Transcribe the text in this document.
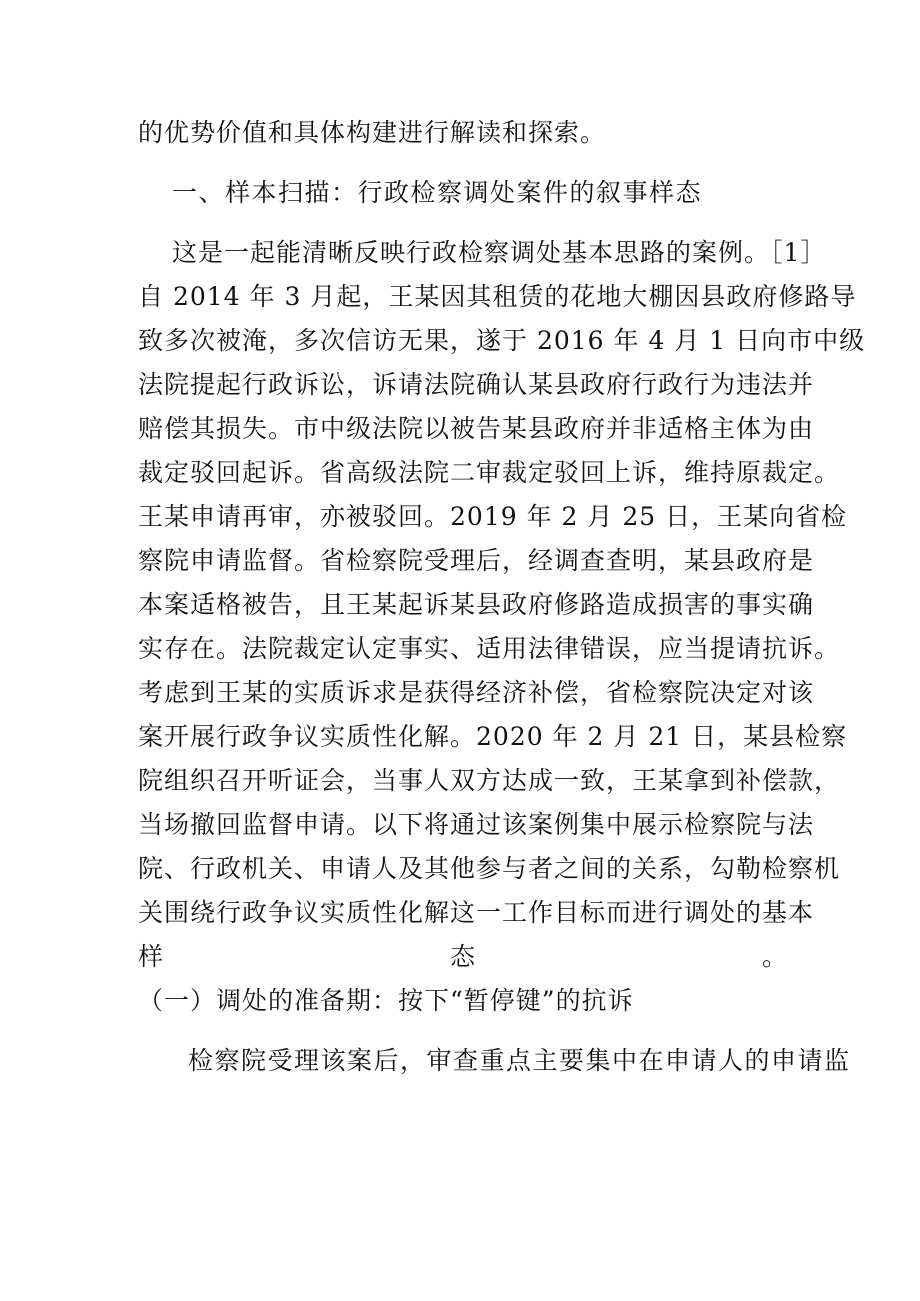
的优势价值和具体构建进行解读和探索。
一、样本扫描：行政检察调处案件的叙事样态
这是一起能清晰反映行政检察调处基本思路的案例。［1］
自 2014 年 3 月起，王某因其租赁的花地大棚因县政府修路导
致多次被淹，多次信访无果，遂于 2016 年 4 月 1 日向市中级
法院提起行政诉讼，诉请法院确认某县政府行政行为违法并
赔偿其损失。市中级法院以被告某县政府并非适格主体为由
裁定驳回起诉。省高级法院二审裁定驳回上诉，维持原裁定。
王某申请再审，亦被驳回。2019 年 2 月 25 日，王某向省检
察院申请监督。省检察院受理后，经调查查明，某县政府是
本案适格被告，且王某起诉某县政府修路造成损害的事实确
实存在。法院裁定认定事实、适用法律错误，应当提请抗诉。
考虑到王某的实质诉求是获得经济补偿，省检察院决定对该
案开展行政争议实质性化解。2020 年 2 月 21 日，某县检察
院组织召开听证会，当事人双方达成一致，王某拿到补偿款，
当场撤回监督申请。以下将通过该案例集中展示检察院与法
院、行政机关、申请人及其他参与者之间的关系，勾勒检察机
关围绕行政争议实质性化解这一工作目标而进行调处的基本
样态。
（一）调处的准备期：按下“暂停键”的抗诉
检察院受理该案后，审查重点主要集中在申请人的申请监
